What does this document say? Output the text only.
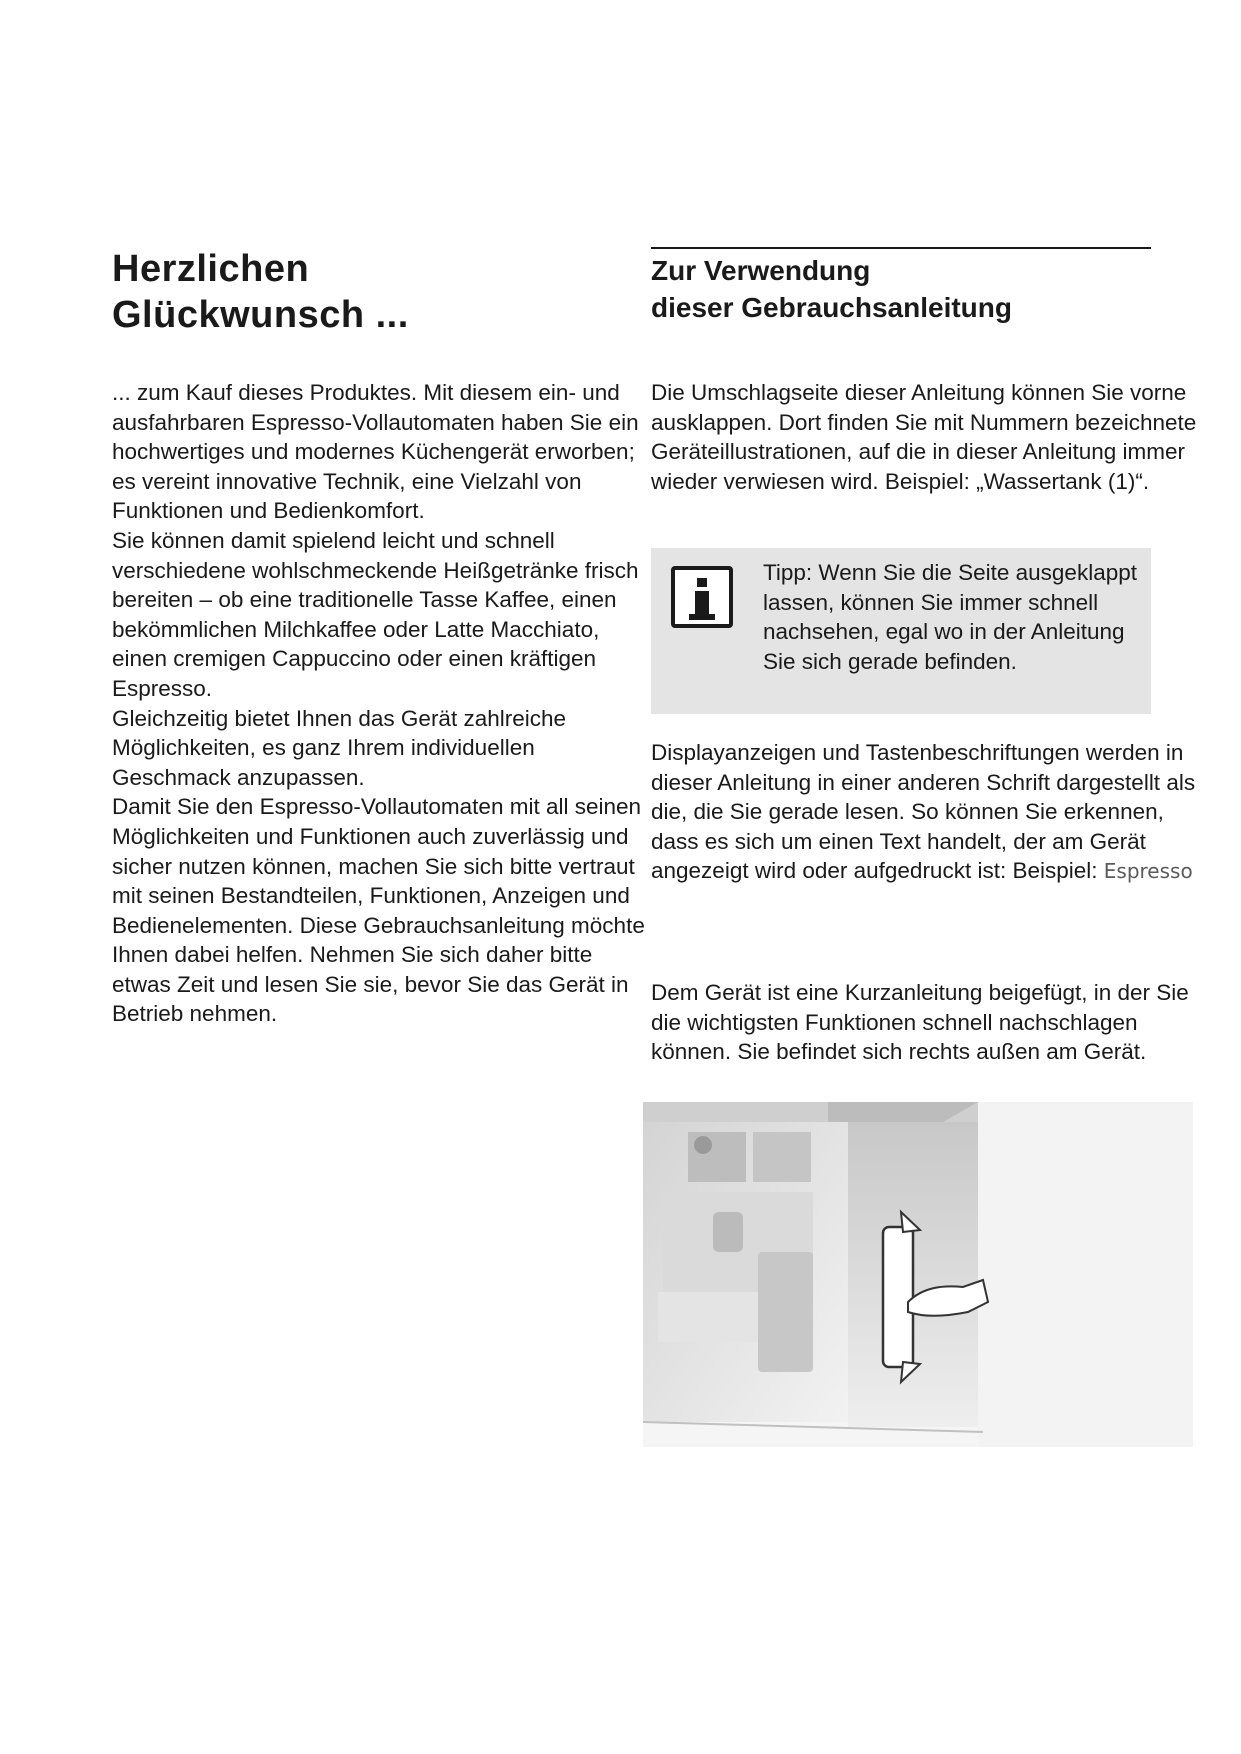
Herzlichen
Glückwunsch ...
Zur Verwendung
dieser Gebrauchsanleitung

... zum Kauf dieses Produktes. Mit diesem ein- und ausfahrbaren Espresso-Vollautomaten haben Sie ein hochwertiges und modernes Küchengerät erworben; es vereint innovative Technik, eine Vielzahl von Funktionen und Bedienkomfort.

Sie können damit spielend leicht und schnell verschiedene wohlschmeckende Heißgetränke frisch bereiten – ob eine traditionelle Tasse Kaffee, einen bekömmlichen Milchkaffee oder Latte Macchiato, einen cremigen Cappuccino oder einen kräftigen Espresso.

Gleichzeitig bietet Ihnen das Gerät zahlreiche Möglichkeiten, es ganz Ihrem individuellen Geschmack anzupassen.

Damit Sie den Espresso-Vollautomaten mit all seinen Möglichkeiten und Funktionen auch zuverlässig und sicher nutzen können, machen Sie sich bitte vertraut mit seinen Bestandteilen, Funktionen, Anzeigen und Bedienelementen. Diese Gebrauchsanleitung möchte Ihnen dabei helfen. Nehmen Sie sich daher bitte etwas Zeit und lesen Sie sie, bevor Sie das Gerät in Betrieb nehmen.

Die Umschlagseite dieser Anleitung können Sie vorne ausklappen. Dort finden Sie mit Nummern bezeichnete Geräteillustrationen, auf die in dieser Anleitung immer wieder verwiesen wird. Beispiel: „Wassertank (1)“.

Tipp: Wenn Sie die Seite ausgeklappt lassen, können Sie immer schnell nachsehen, egal wo in der Anleitung Sie sich gerade befinden.

Displayanzeigen und Tastenbeschriftungen werden in dieser Anleitung in einer anderen Schrift dargestellt als die, die Sie gerade lesen. So können Sie erkennen, dass es sich um einen Text handelt, der am Gerät angezeigt wird oder aufgedruckt ist: Beispiel: Espresso

Dem Gerät ist eine Kurzanleitung beigefügt, in der Sie die wichtigsten Funktionen schnell nachschlagen können. Sie befindet sich rechts außen am Gerät.
